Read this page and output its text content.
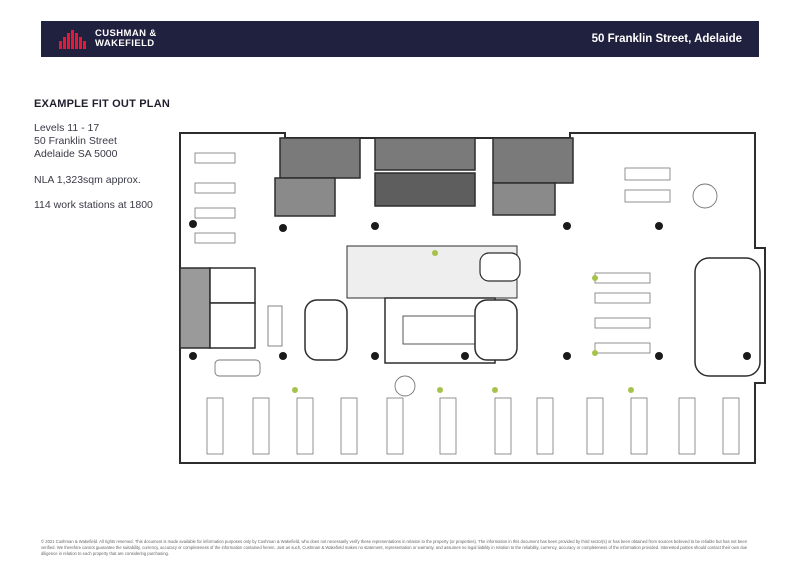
CUSHMAN &
WAKEFIELD	50 Franklin Street, Adelaide
EXAMPLE FIT OUT PLAN
Levels 11 - 17
50 Franklin Street
Adelaide SA 5000
NLA 1,323sqm approx.
114 work stations at 1800
© 2021 Cushman & Wakefield. All rights reserved. This document is made available for information purposes only by Cushman & Wakefield, who does not necessarily verify these representations in relation to the property (or properties). The information in this document has been provided by third sector(s) or has been obtained from sources believed to be reliable but has not been verified. We therefore cannot guarantee the suitability, currency, accuracy or completeness of the information contained herein. Just as such, Cushman & Wakefield makes no statement, representation or warranty, and assumes no legal liability in relation to the reliability, currency, accuracy or completeness of the information provided. Interested parties should contact their own due diligence in relation to each property that are considering purchasing.
